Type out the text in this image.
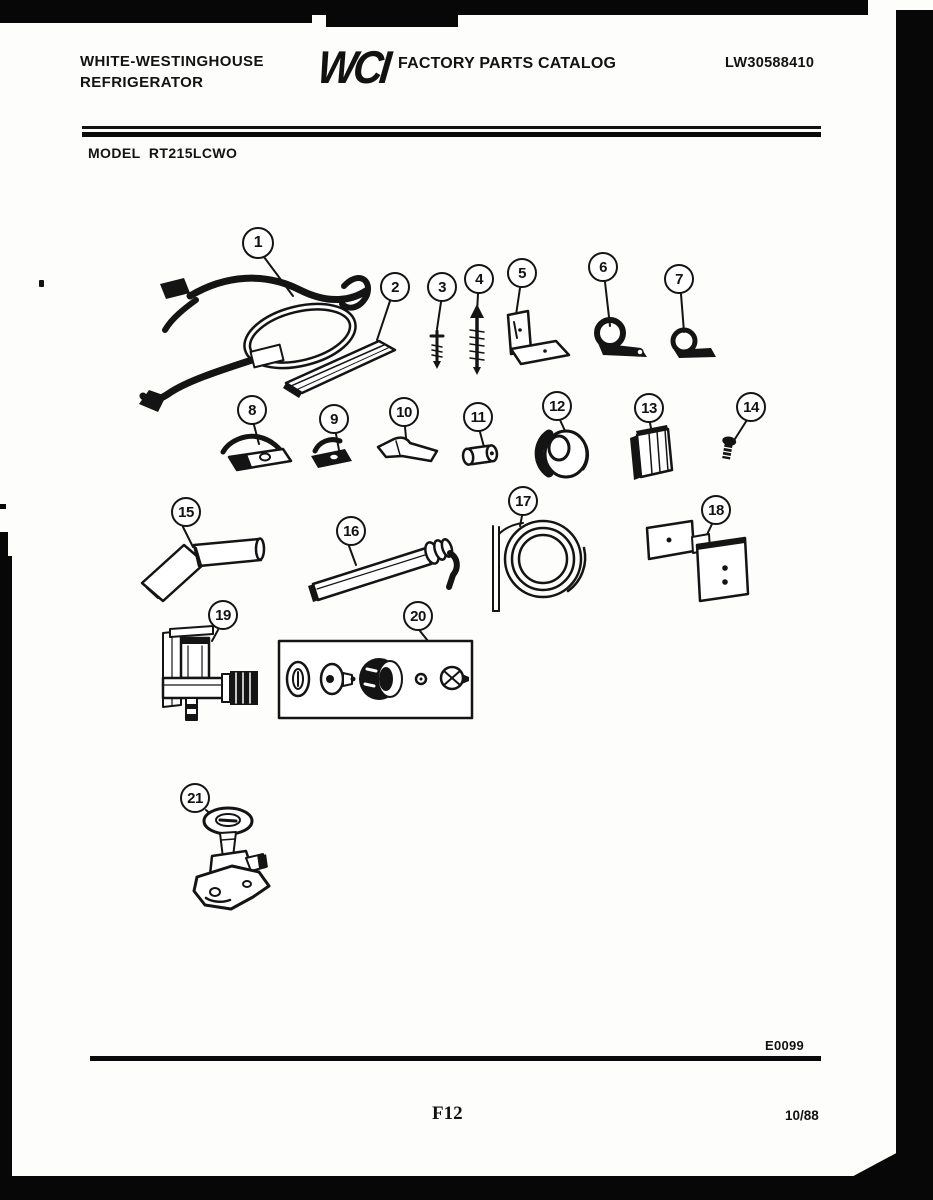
WHITE-WESTINGHOUSE
REFRIGERATOR WCI FACTORY PARTS CATALOG	LW30588410
MODEL  RT215LCWO
1
2	3	4	5	6
7
8
9	10	11
12	13	14
15
16
17
18
19	20
21
E0099
F12	10/88
